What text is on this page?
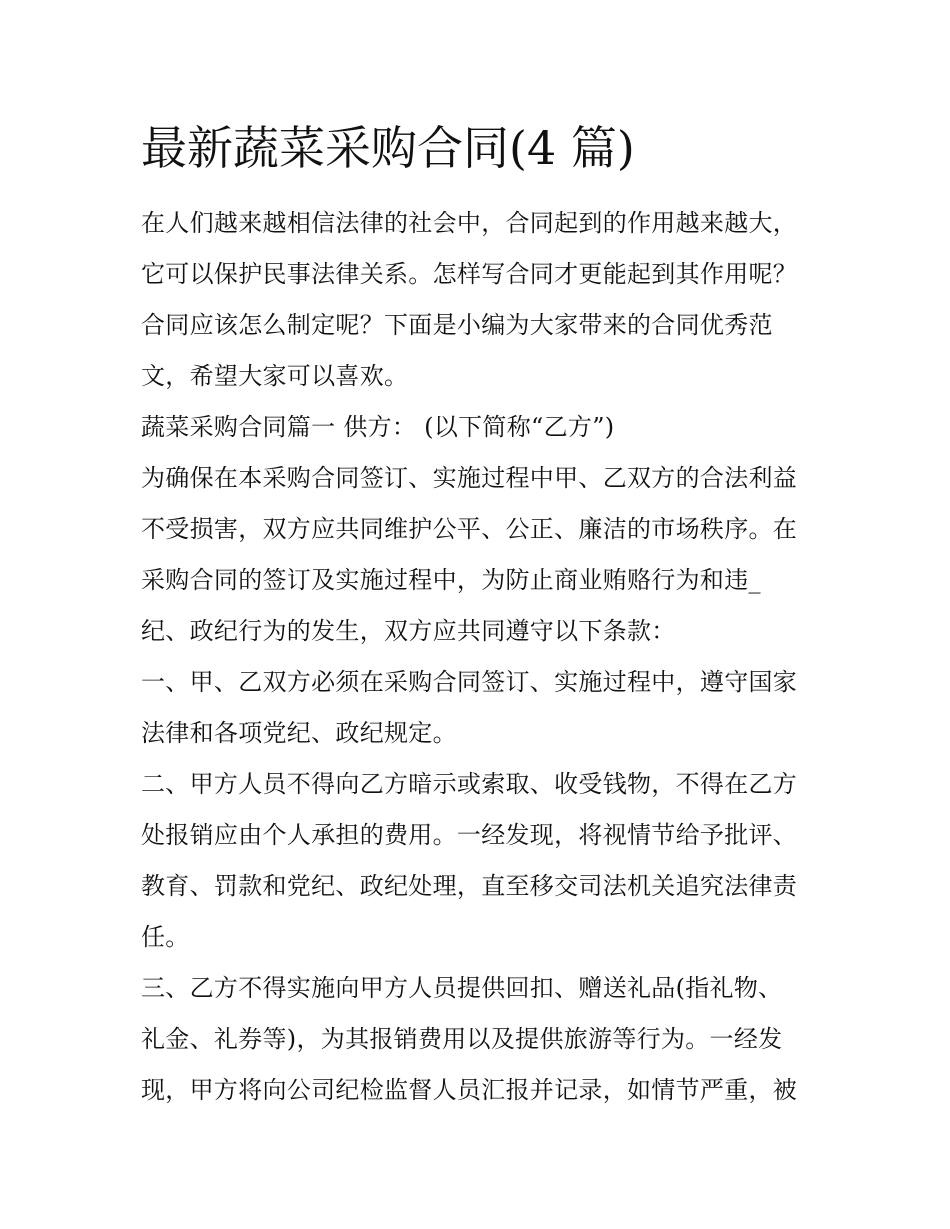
最新蔬菜采购合同(4 篇)
在人们越来越相信法律的社会中，合同起到的作用越来越大，
它可以保护民事法律关系。怎样写合同才更能起到其作用呢？
合同应该怎么制定呢？下面是小编为大家带来的合同优秀范
文，希望大家可以喜欢。
蔬菜采购合同篇一 供方： (以下简称“乙方”)
为确保在本采购合同签订、实施过程中甲、乙双方的合法利益
不受损害，双方应共同维护公平、公正、廉洁的市场秩序。在
采购合同的签订及实施过程中，为防止商业贿赂行为和违_
纪、政纪行为的发生，双方应共同遵守以下条款：
一、甲、乙双方必须在采购合同签订、实施过程中，遵守国家
法律和各项党纪、政纪规定。
二、甲方人员不得向乙方暗示或索取、收受钱物，不得在乙方
处报销应由个人承担的费用。一经发现，将视情节给予批评、
教育、罚款和党纪、政纪处理，直至移交司法机关追究法律责
任。
三、乙方不得实施向甲方人员提供回扣、赠送礼品(指礼物、
礼金、礼券等)，为其报销费用以及提供旅游等行为。一经发
现，甲方将向公司纪检监督人员汇报并记录，如情节严重，被
